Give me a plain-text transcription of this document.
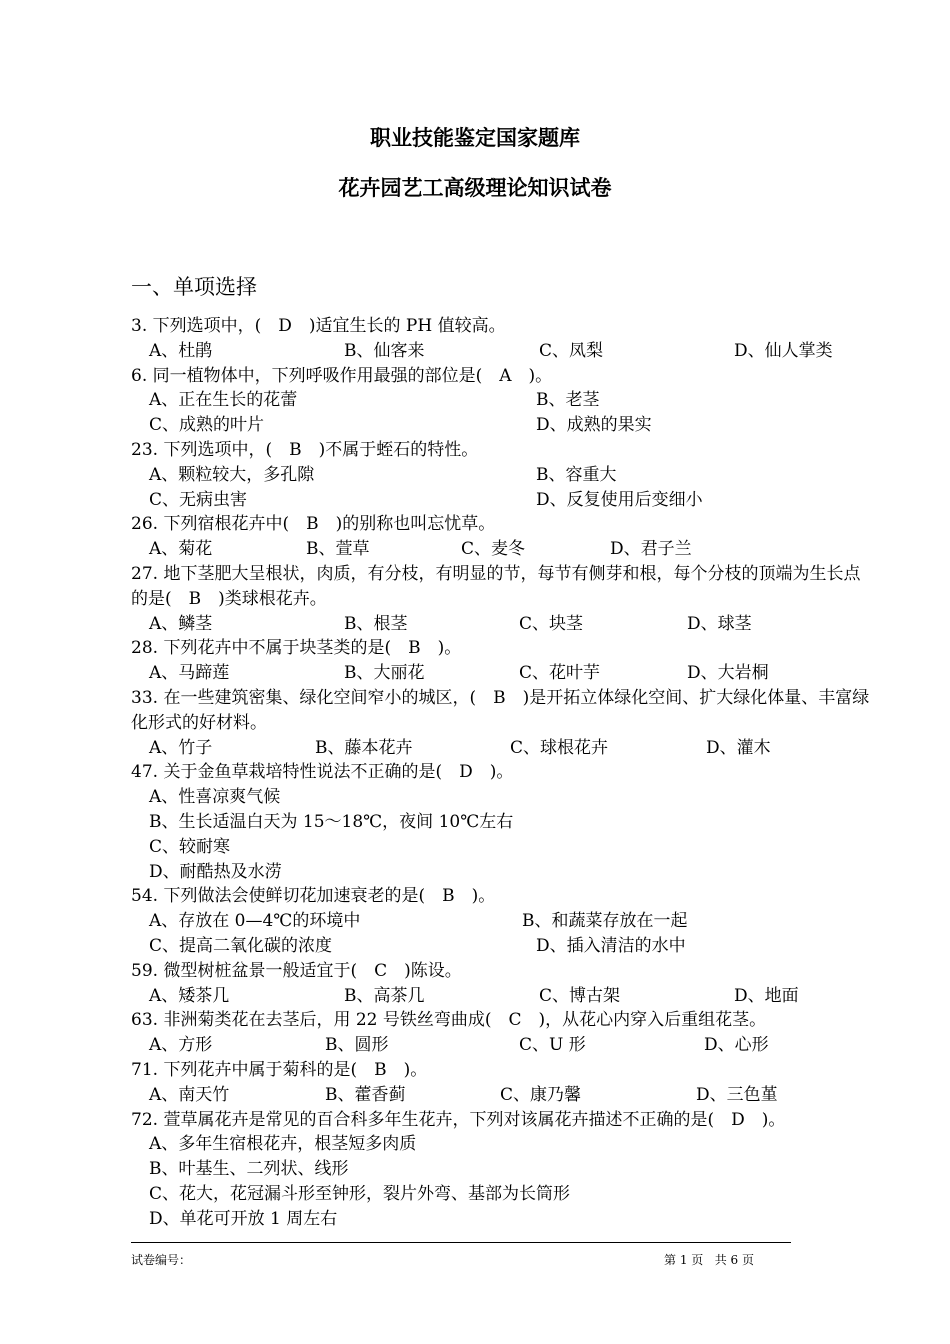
职业技能鉴定国家题库
花卉园艺工高级理论知识试卷
一、单项选择
3. 下列选项中，(　D　)适宜生长的 PH 值较高。
A、杜鹃	B、仙客来	C、凤梨	D、仙人掌类
6. 同一植物体中，下列呼吸作用最强的部位是(　A　)。
A、正在生长的花蕾	B、老茎
C、成熟的叶片	D、成熟的果实
23. 下列选项中，(　B　)不属于蛭石的特性。
A、颗粒较大，多孔隙	B、容重大
C、无病虫害	D、反复使用后变细小
26. 下列宿根花卉中(　B　)的别称也叫忘忧草。
A、菊花	B、萱草	C、麦冬	D、君子兰
27. 地下茎肥大呈根状，肉质，有分枝，有明显的节，每节有侧芽和根，每个分枝的顶端为生长点的是(　B　)类球根花卉。
A、鳞茎	B、根茎	C、块茎	D、球茎
28. 下列花卉中不属于块茎类的是(　B　)。
A、马蹄莲	B、大丽花	C、花叶芋	D、大岩桐
33. 在一些建筑密集、绿化空间窄小的城区，(　B　)是开拓立体绿化空间、扩大绿化体量、丰富绿化形式的好材料。
A、竹子	B、藤本花卉	C、球根花卉	D、灌木
47. 关于金鱼草栽培特性说法不正确的是(　D　)。
A、性喜凉爽气候
B、生长适温白天为 15～18℃，夜间 10℃左右
C、较耐寒
D、耐酷热及水涝
54. 下列做法会使鲜切花加速衰老的是(　B　)。
A、存放在 0—4℃的环境中	B、和蔬菜存放在一起
C、提高二氧化碳的浓度	D、插入清洁的水中
59. 微型树桩盆景一般适宜于(　C　)陈设。
A、矮茶几	B、高茶几	C、博古架	D、地面
63. 非洲菊类花在去茎后，用 22 号铁丝弯曲成(　C　)，从花心内穿入后重组花茎。
A、方形	B、圆形	C、U 形	D、心形
71. 下列花卉中属于菊科的是(　B　)。
A、南天竹	B、藿香蓟	C、康乃馨	D、三色堇
72. 萱草属花卉是常见的百合科多年生花卉，下列对该属花卉描述不正确的是(　D　)。
A、多年生宿根花卉，根茎短多肉质
B、叶基生、二列状、线形
C、花大，花冠漏斗形至钟形，裂片外弯、基部为长筒形
D、单花可开放 1 周左右
试卷编号：	第 1 页   共 6 页
